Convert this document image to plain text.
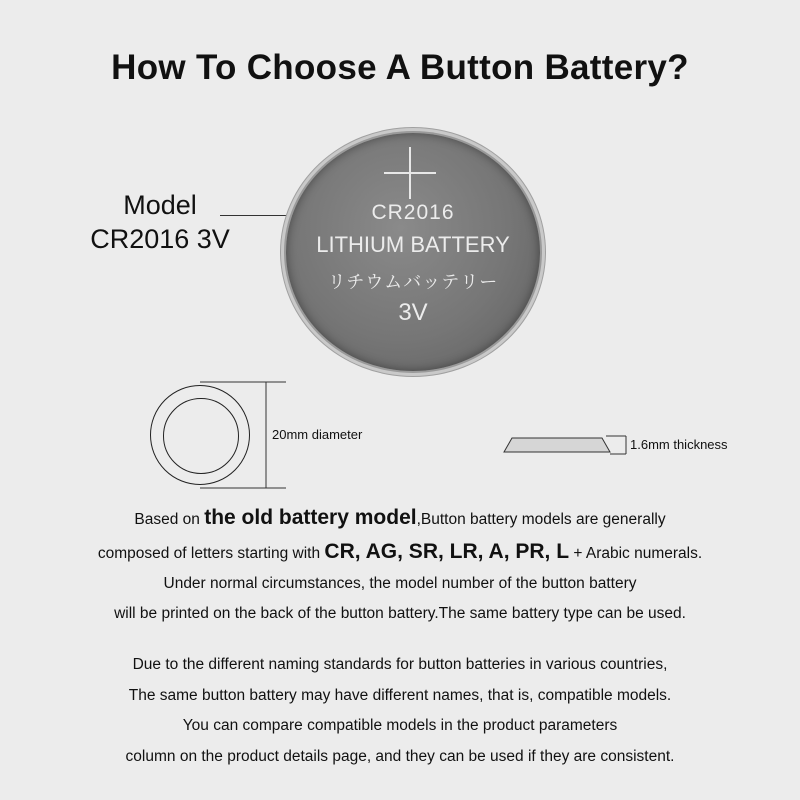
How To Choose A Button Battery?
Model
CR2016 3V
CR2016
LITHIUM BATTERY
リチウムバッテリー
3V
20mm diameter
1.6mm thickness
Based on the old battery model,Button battery models are generally
composed of letters starting with CR, AG, SR, LR, A, PR, L + Arabic numerals.
Under normal circumstances, the model number of the button battery
will be printed on the back of the button battery.The same battery type can be used.
Due to the different naming standards for button batteries in various countries,
The same button battery may have different names, that is, compatible models.
You can compare compatible models in the product parameters
column on the product details page, and they can be used if they are consistent.
